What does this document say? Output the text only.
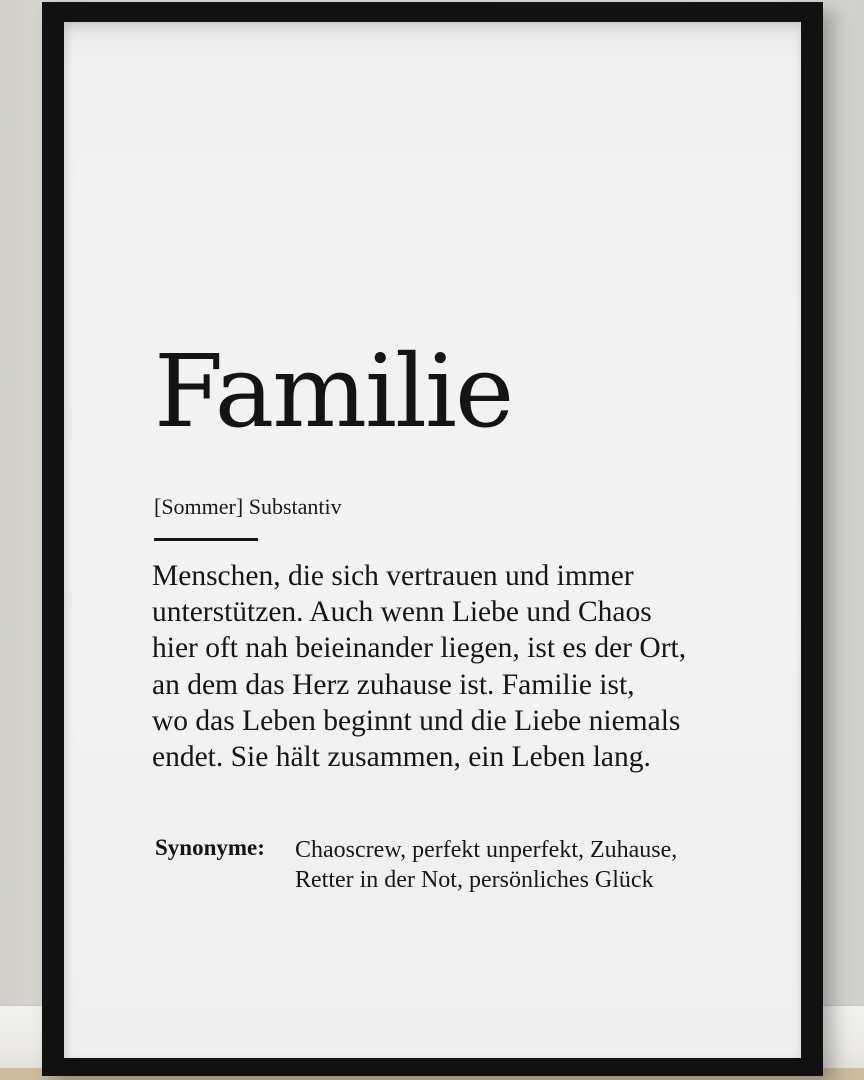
Familie
[Sommer] Substantiv
Menschen, die sich vertrauen und immer
unterstützen. Auch wenn Liebe und Chaos
hier oft nah beieinander liegen, ist es der Ort,
an dem das Herz zuhause ist. Familie ist,
wo das Leben beginnt und die Liebe niemals
endet. Sie hält zusammen, ein Leben lang.
Synonyme: Chaoscrew, perfekt unperfekt, Zuhause,
Retter in der Not, persönliches Glück
